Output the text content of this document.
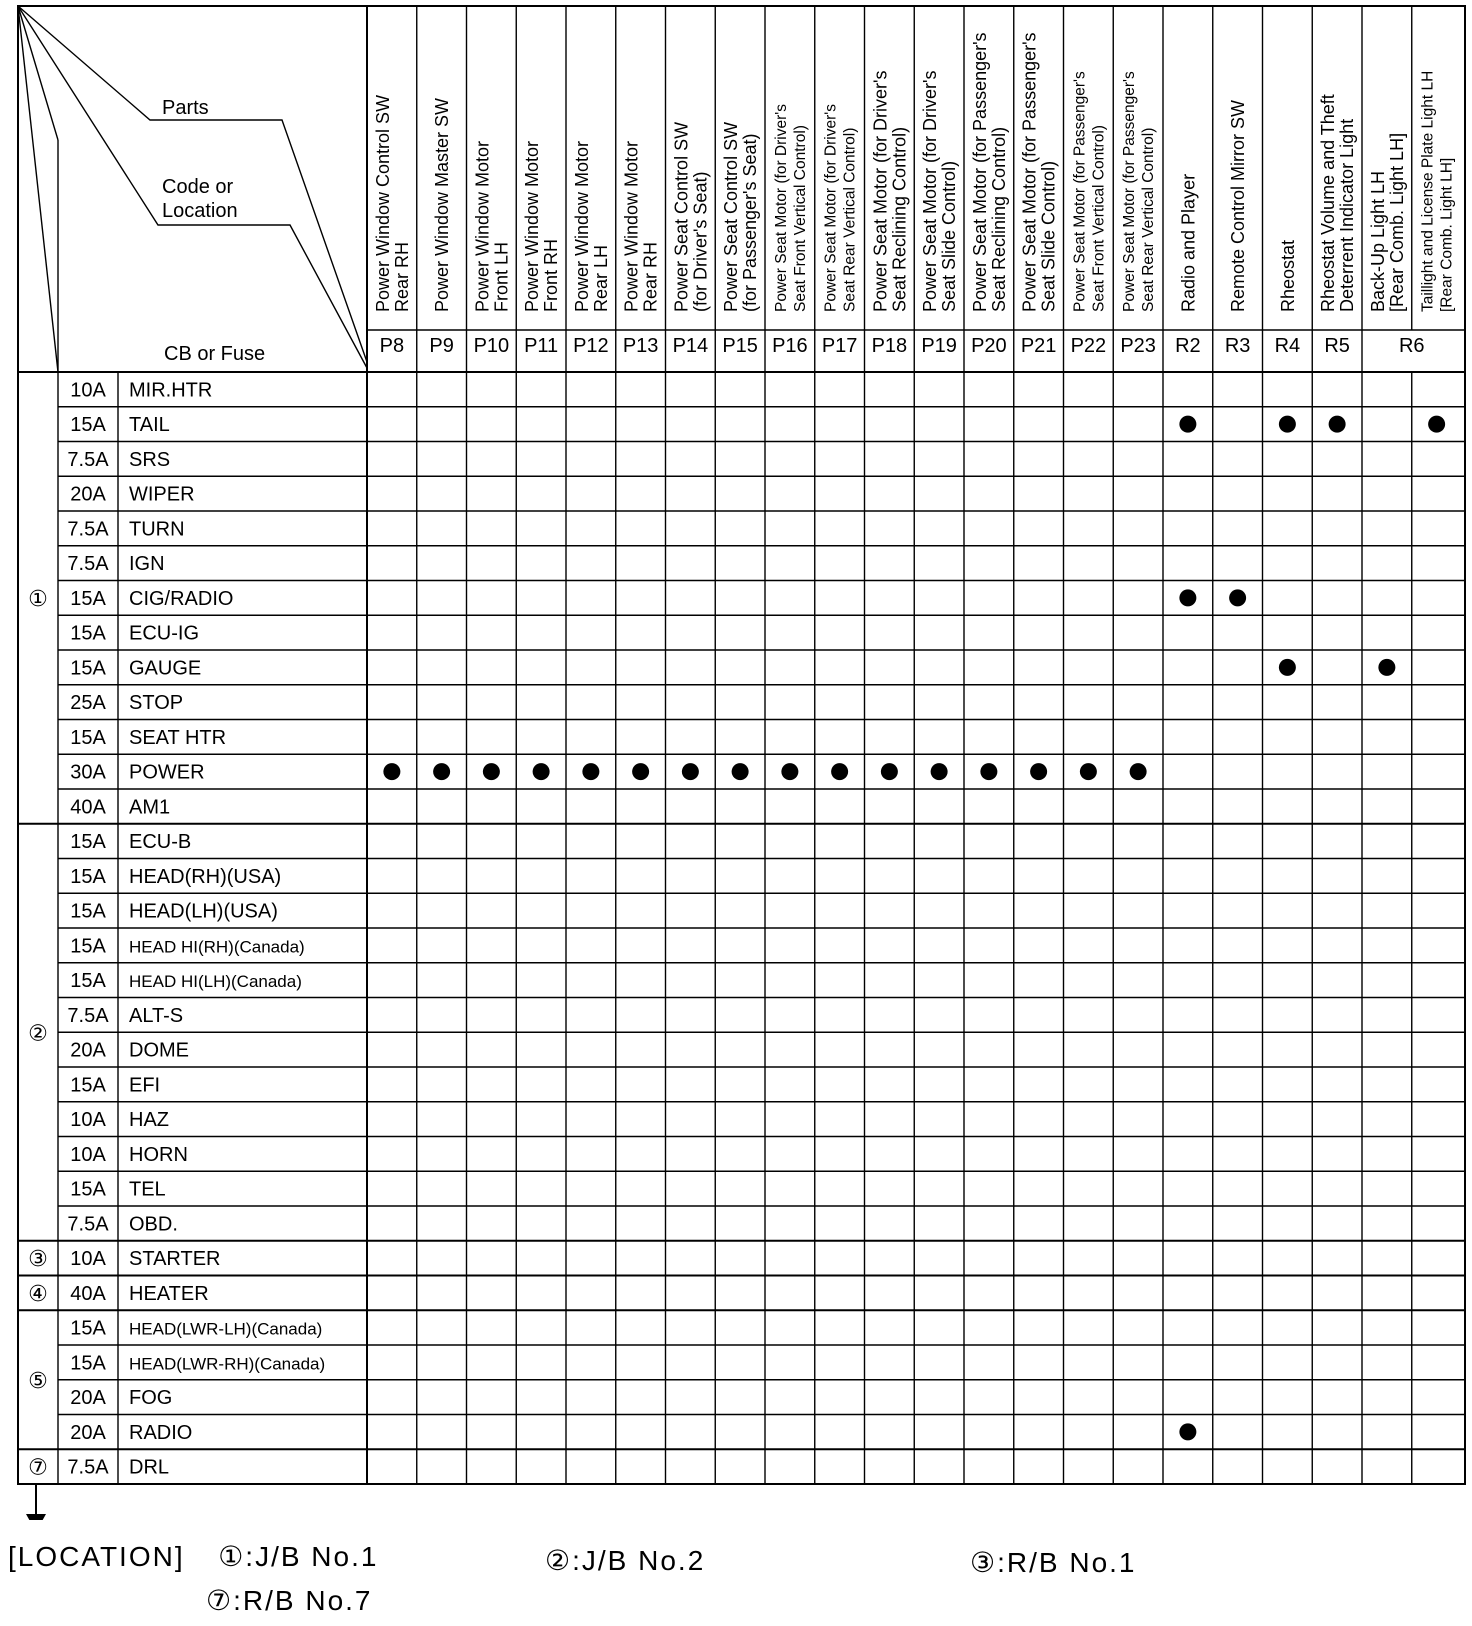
Parts
Code or
Location
CB or Fuse
Power Window Control SW Rear RH Power Window Master SW Power Window Motor Front LH Power Window Motor Front RH Power Window Motor Rear LH Power Window Motor Rear RH Power Seat Control SW (for Driver's Seat) Power Seat Control SW (for Passenger's Seat) Power Seat Motor (for Driver's Seat Front Vertical Control) Power Seat Motor (for Driver's Seat Rear Vertical Control) Power Seat Motor (for Driver's Seat Reclining Control) Power Seat Motor (for Driver's Seat Slide Control) Power Seat Motor (for Passenger's Seat Reclining Control) Power Seat Motor (for Passenger's Seat Slide Control) Power Seat Motor (for Passenger's Seat Front Vertical Control) Power Seat Motor (for Passenger's Seat Rear Vertical Control) Radio and Player Remote Control Mirror SW Rheostat Rheostat Volume and Theft Deterrent Indicator Light Back-Up Light LH [Rear Comb. Light LH] Taillight and License Plate Light LH [Rear Comb. Light LH]
P8 P9 P10 P11 P12 P13 P14 P15 P16 P17 P18 P19 P20 P21 P22 P23 R2 R3 R4 R5 R6
①
10A MIR.HTR
15A TAIL
7.5A SRS
20A WIPER
7.5A TURN
7.5A IGN
15A CIG/RADIO
15A ECU-IG
15A GAUGE
25A STOP
15A SEAT HTR
30A POWER
40A AM1
②
15A ECU-B
15A HEAD(RH)(USA)
15A HEAD(LH)(USA)
15A HEAD HI(RH)(Canada)
15A HEAD HI(LH)(Canada)
7.5A ALT-S
20A DOME
15A EFI
10A HAZ
10A HORN
15A TEL
7.5A OBD.
③ 10A STARTER
④ 40A HEATER
⑤
15A HEAD(LWR-LH)(Canada)
15A HEAD(LWR-RH)(Canada)
20A FOG
20A RADIO
⑦ 7.5A DRL
[LOCATION] ①:J/B No.1	②:J/B No.2	③:R/B No.1
⑦:R/B No.7
